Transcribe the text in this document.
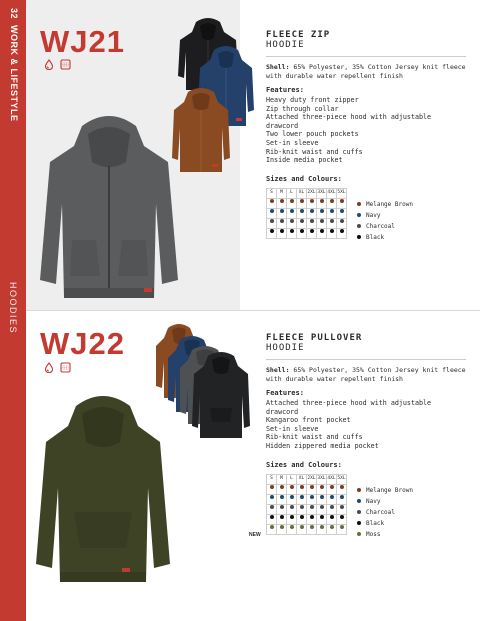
32  WORK & LIFESTYLE
HOODIES
WJ21	FLEECE ZIP
HOODIE
Shell: 65% Polyester, 35% Cotton Jersey knit fleece with durable water repellent finish
Features:
Heavy duty front zipper
Zip through collar
Attached three-piece hood with adjustable drawcord
Two lower pouch pockets
Set-in sleeve
Rib-knit waist and cuffs
Inside media pocket
Sizes and Colours:
S	M	L	XL	2XL	3XL	4XL	5XL

Melange Brown
Navy
Charcoal
Black
WJ22	FLEECE PULLOVER
HOODIE
Shell: 65% Polyester, 35% Cotton Jersey knit fleece with durable water repellent finish
Features:
Attached three-piece hood with adjustable drawcord
Kangaroo front pocket
Set-in sleeve
Rib-knit waist and cuffs
Hidden zippered media pocket
Sizes and Colours:
S	M	L	XL	2XL	3XL	4XL	5XL

Melange Brown
Navy
Charcoal
Black
Moss
NEW
